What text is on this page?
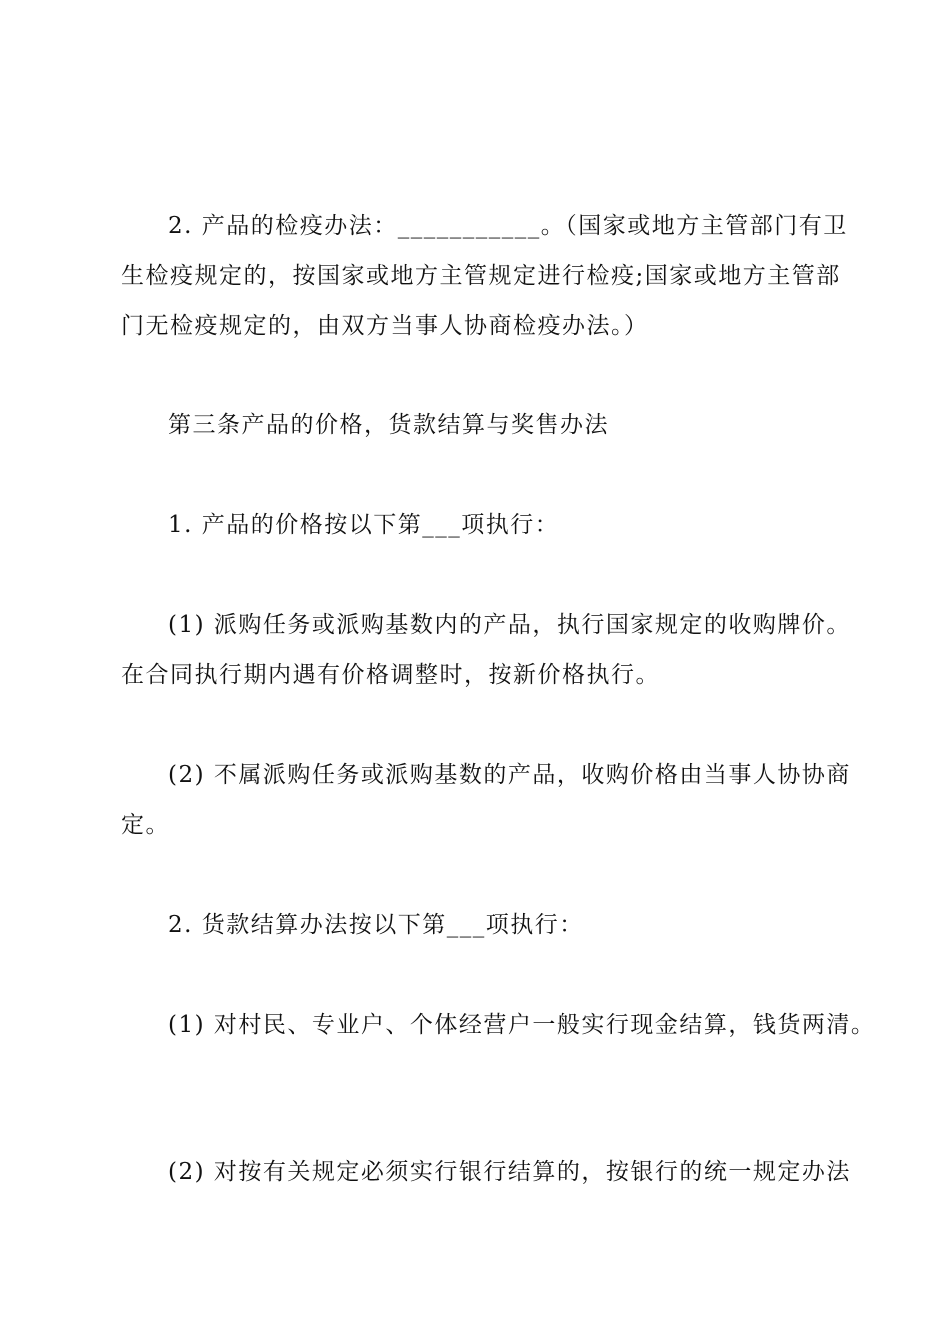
2. 产品的检疫办法：___________。（国家或地方主管部门有卫
生检疫规定的，按国家或地方主管规定进行检疫;国家或地方主管部
门无检疫规定的，由双方当事人协商检疫办法。）
第三条产品的价格，货款结算与奖售办法
1. 产品的价格按以下第___项执行：
(1) 派购任务或派购基数内的产品，执行国家规定的收购牌价。
在合同执行期内遇有价格调整时，按新价格执行。
(2) 不属派购任务或派购基数的产品，收购价格由当事人协协商
定。
2. 货款结算办法按以下第___项执行：
(1) 对村民、专业户、个体经营户一般实行现金结算，钱货两清。
(2) 对按有关规定必须实行银行结算的，按银行的统一规定办法
